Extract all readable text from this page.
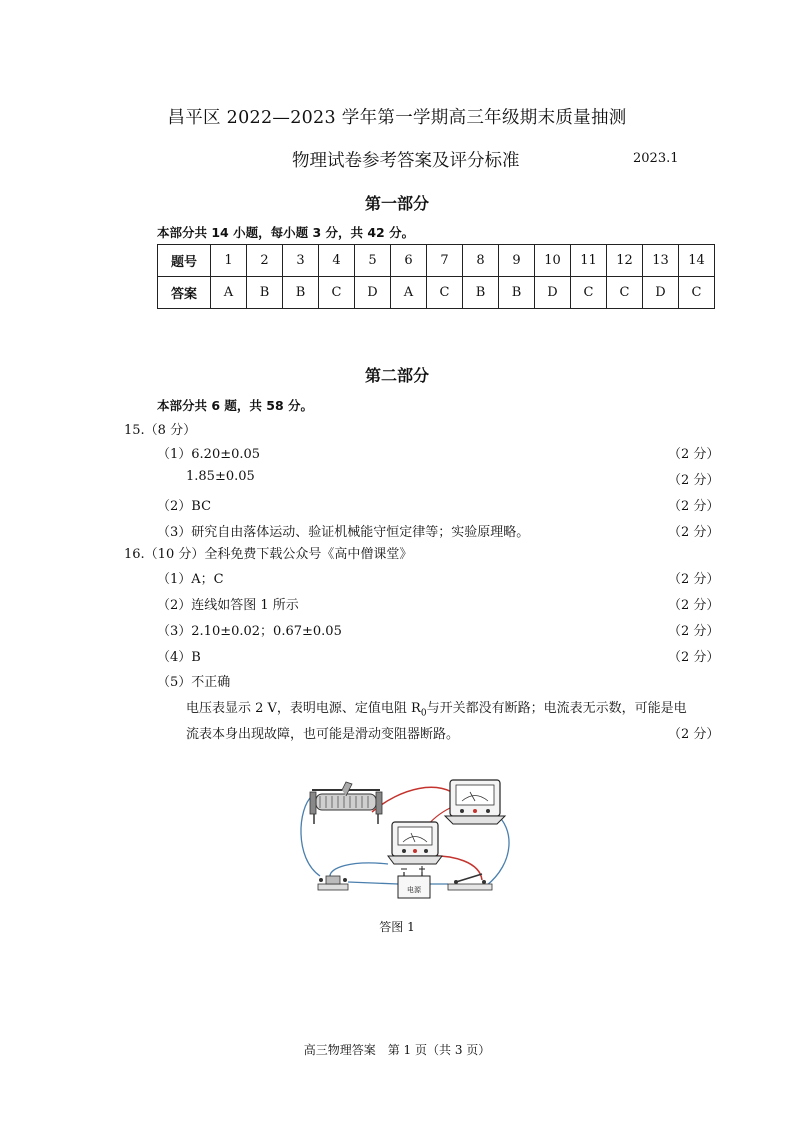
昌平区 2022—2023 学年第一学期高三年级期末质量抽测
物理试卷参考答案及评分标准	2023.1
第一部分
本部分共 14 小题，每小题 3 分，共 42 分。
题号	1	2	3	4	5	6	7	8	9	10	11	12	13	14
答案	A	B	B	C	D	A	C	B	B	D	C	C	D	C
第二部分
本部分共 6 题，共 58 分。
15.（8 分）
（1）6.20±0.05	（2 分）
1.85±0.05	（2 分）
（2）BC	（2 分）
（3）研究自由落体运动、验证机械能守恒定律等；实验原理略。	（2 分）
16.（10 分）全科免费下载公众号《高中僧课堂》
（1）A；C	（2 分）
（2）连线如答图 1 所示	（2 分）
（3）2.10±0.02；0.67±0.05	（2 分）
（4）B	（2 分）
（5）不正确
电压表显示 2 V，表明电源、定值电阻 $R_0$与开关都没有断路；电流表无示数，可能是电
流表本身出现故障，也可能是滑动变阻器断路。	（2 分）
电源
答图 1
高三物理答案　第 1 页（共 3 页）
